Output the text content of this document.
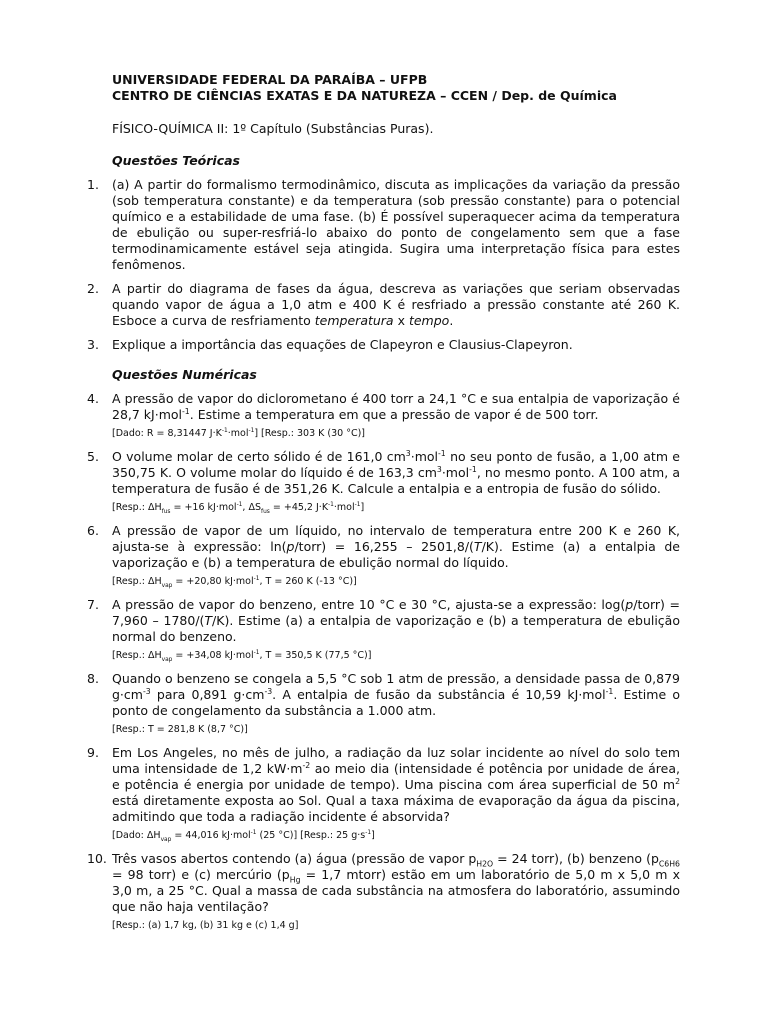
UNIVERSIDADE FEDERAL DA PARAÍBA – UFPB

CENTRO DE CIÊNCIAS EXATAS E DA NATUREZA – CCEN / Dep. de Química

FÍSICO-QUÍMICA II: 1º Capítulo (Substâncias Puras).
Questões Teóricas
1.	(a) A partir do formalismo termodinâmico, discuta as implicações da variação da pressão (sob temperatura constante) e da temperatura (sob pressão constante) para o potencial químico e a estabilidade de uma fase. (b) É possível superaquecer acima da temperatura de ebulição ou super-resfriá-lo abaixo do ponto de congelamento sem que a fase termodinamicamente estável seja atingida. Sugira uma interpretação física para estes fenômenos.
2.	A partir do diagrama de fases da água, descreva as variações que seriam observadas quando vapor de água a 1,0 atm e 400 K é resfriado a pressão constante até 260 K. Esboce a curva de resfriamento temperatura x tempo.
3.	Explique a importância das equações de Clapeyron e Clausius-Clapeyron.
Questões Numéricas
4.	A pressão de vapor do diclorometano é 400 torr a 24,1 °C e sua entalpia de vaporização é 28,7 kJ·mol$^{-1}$. Estime a temperatura em que a pressão de vapor é de 500 torr.
[Dado: R = 8,31447 $J\cdot K^{-1}\cdot mol^{-1}$] [Resp.: 303 K (30 °C)]
5.	O volume molar de certo sólido é de 161,0 $cm^3\cdot mol^{-1}$ no seu ponto de fusão, a 1,00 atm e 350,75 K. O volume molar do líquido é de 163,3 $cm^3\cdot mol^{-1}$, no mesmo ponto. A 100 atm, a temperatura de fusão é de 351,26 K. Calcule a entalpia e a entropia de fusão do sólido.
[Resp.: $\Delta H_{fus} = +16$ kJ·mol$^{-1}$, $\Delta S_{fus} = +45,2$ $J\cdot K^{-1}\cdot mol^{-1}$]
6.	A pressão de vapor de um líquido, no intervalo de temperatura entre 200 K e 260 K, ajusta-se à expressão: ln(p/torr) = 16,255 – 2501,8/(T/K). Estime (a) a entalpia de vaporização e (b) a temperatura de ebulição normal do líquido.
[Resp.: $\Delta H_{vap} = +20,80$ kJ·mol$^{-1}$, T = 260 K (-13 °C)]
7.	A pressão de vapor do benzeno, entre 10 °C e 30 °C, ajusta-se a expressão: log(p/torr) = 7,960 – 1780/(T/K). Estime (a) a entalpia de vaporização e (b) a temperatura de ebulição normal do benzeno.
[Resp.: $\Delta H_{vap} = +34,08$ kJ·mol$^{-1}$, T = 350,5 K (77,5 °C)]
8.	Quando o benzeno se congela a 5,5 °C sob 1 atm de pressão, a densidade passa de 0,879 $g\cdot cm^{-3}$ para 0,891 $g\cdot cm^{-3}$. A entalpia de fusão da substância é 10,59 kJ·mol$^{-1}$. Estime o ponto de congelamento da substância a 1.000 atm.
[Resp.: T = 281,8 K (8,7 °C)]
9.	Em Los Angeles, no mês de julho, a radiação da luz solar incidente ao nível do solo tem uma intensidade de 1,2 $kW\cdot m^{-2}$ ao meio dia (intensidade é potência por unidade de área, e potência é energia por unidade de tempo). Uma piscina com área superficial de 50 $m^2$ está diretamente exposta ao Sol. Qual a taxa máxima de evaporação da água da piscina, admitindo que toda a radiação incidente é absorvida?
[Dado: $\Delta H_{vap} = 44,016$ kJ·mol$^{-1}$ (25 °C)] [Resp.: 25 $g\cdot s^{-1}$]
10. Três vasos abertos contendo (a) água (pressão de vapor $p_{H2O} = 24$ torr), (b) benzeno ($p_{C6H6} = 98$ torr) e (c) mercúrio ($p_{Hg} = 1,7$ mtorr) estão em um laboratório de 5,0 m x 5,0 m x 3,0 m, a 25 °C. Qual a massa de cada substância na atmosfera do laboratório, assumindo que não haja ventilação?
[Resp.: (a) 1,7 kg, (b) 31 kg e (c) 1,4 g]
